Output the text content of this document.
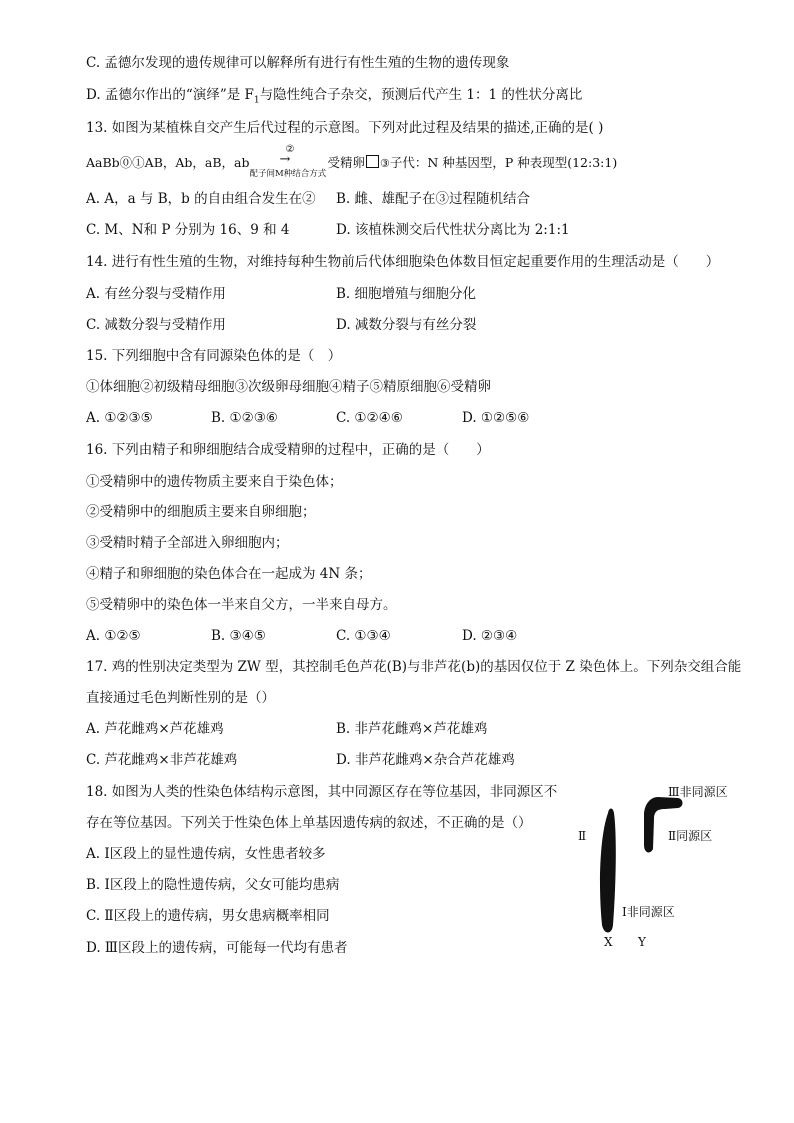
C. 孟德尔发现的遗传规律可以解释所有进行有性生殖的生物的遗传现象
D. 孟德尔作出的“演绎”是 $F_1$与隐性纯合子杂交，预测后代产生 1：1 的性状分离比
13. 如图为某植株自交产生后代过程的示意图。下列对此过程及结果的描述,正确的是( )
AaBb⓪①AB，Ab，aB，ab
②
→
配子间M种结合方式
受精卵 ③子代：N 种基因型，P 种表现型(12:3:1)
A. A，a 与 B，b 的自由组合发生在② B. 雌、雄配子在③过程随机结合
C. M、N和 P 分别为 16、9 和 4	D. 该植株测交后代性状分离比为 2:1:1
14. 进行有性生殖的生物，对维持每种生物前后代体细胞染色体数目恒定起重要作用的生理活动是（　　）
A. 有丝分裂与受精作用	B. 细胞增殖与细胞分化
C. 减数分裂与受精作用	D. 减数分裂与有丝分裂
15. 下列细胞中含有同源染色体的是（　）
①体细胞②初级精母细胞③次级卵母细胞④精子⑤精原细胞⑥受精卵
A. ①②③⑤	B. ①②③⑥	C. ①②④⑥	D. ①②⑤⑥
16. 下列由精子和卵细胞结合成受精卵的过程中，正确的是（　　）
①受精卵中的遗传物质主要来自于染色体；
②受精卵中的细胞质主要来自卵细胞；
③受精时精子全部进入卵细胞内；
④精子和卵细胞的染色体合在一起成为 4N 条；
⑤受精卵中的染色体一半来自父方，一半来自母方。
A. ①②⑤	B. ③④⑤	C. ①③④	D. ②③④
17. 鸡的性别决定类型为 ZW 型，其控制毛色芦花(B)与非芦花(b)的基因仅位于 Z 染色体上。下列杂交组合能
直接通过毛色判断性别的是（）
A. 芦花雌鸡×芦花雄鸡	B. 非芦花雌鸡×芦花雄鸡
C. 芦花雌鸡×非芦花雄鸡	D. 非芦花雌鸡×杂合芦花雄鸡
18. 如图为人类的性染色体结构示意图，其中同源区存在等位基因，非同源区不
存在等位基因。下列关于性染色体上单基因遗传病的叙述，不正确的是（）
A. Ⅰ区段上的显性遗传病，女性患者较多
B. Ⅰ区段上的隐性遗传病，父女可能均患病
C. Ⅱ区段上的遗传病，男女患病概率相同
D. Ⅲ区段上的遗传病，可能每一代均有患者
Ⅲ非同源区
Ⅱ同源区
Ⅱ
Ⅰ非同源区
X Y
